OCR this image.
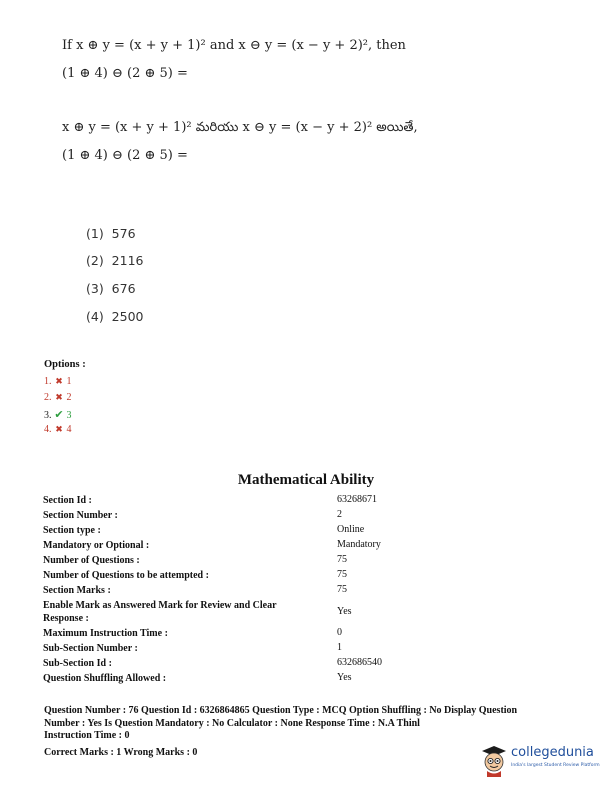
If x ⊕ y = (x + y + 1)² and x ⊖ y = (x − y + 2)², then
(1 ⊕ 4) ⊖ (2 ⊕ 5) =
x ⊕ y = (x + y + 1)² మరియు x ⊖ y = (x − y + 2)² అయితే,
(1 ⊕ 4) ⊖ (2 ⊕ 5) =
(1) 576
(2) 2116
(3) 676
(4) 2500
Options :
1. ✖ 1
2. ✖ 2
3. ✔ 3
4. ✖ 4
Mathematical Ability
Section Id :	63268671
Section Number :	2
Section type :	Online
Mandatory or Optional :	Mandatory
Number of Questions :	75
Number of Questions to be attempted :	75
Section Marks :	75
Enable Mark as Answered Mark for Review and Clear Response :
Yes
Maximum Instruction Time :	0
Sub-Section Number :	1
Sub-Section Id :	632686540
Question Shuffling Allowed :	Yes
Question Number : 76 Question Id : 6326864865 Question Type : MCQ Option Shuffling : No Display Question
Number : Yes Is Question Mandatory : No Calculator : None Response Time : N.A Thinl
Instruction Time : 0
Correct Marks : 1 Wrong Marks : 0	collegedunia
India's largest Student Review Platform
